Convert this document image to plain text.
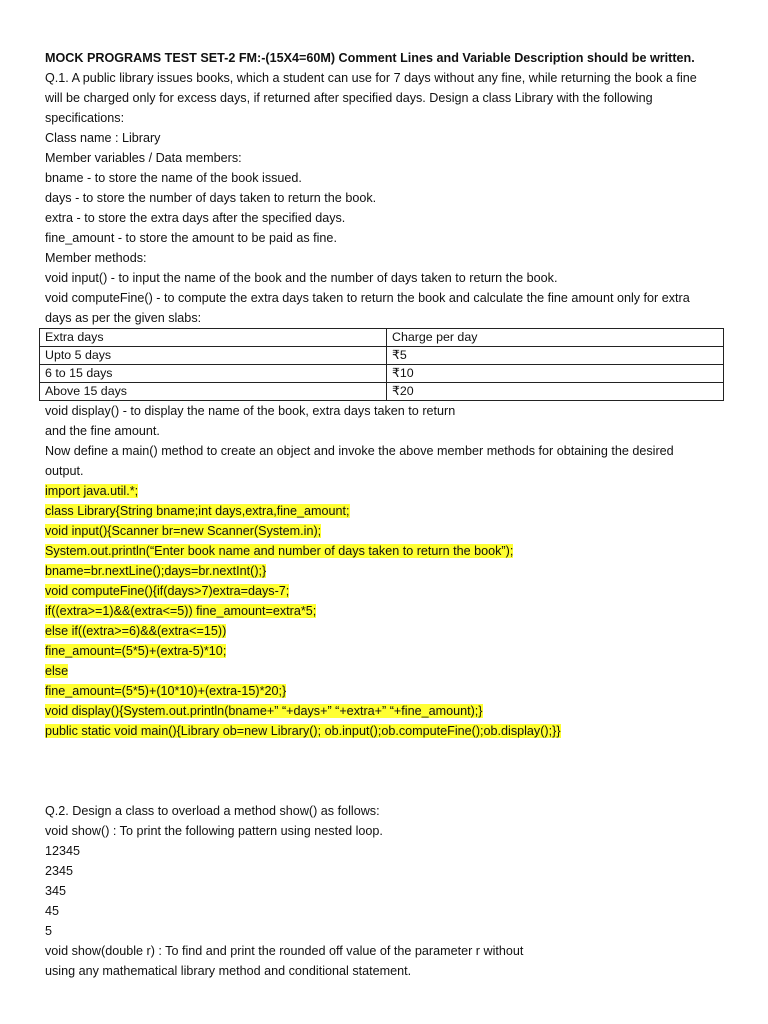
MOCK PROGRAMS TEST SET-2 FM:-(15X4=60M) Comment Lines and Variable Description should be written.
Q.1. A public library issues books, which a student can use for 7 days without any fine, while returning the book a fine
will be charged only for excess days, if returned after specified days. Design a class Library with the following
specifications:
Class name : Library
Member variables / Data members:
bname - to store the name of the book issued.
days - to store the number of days taken to return the book.
extra - to store the extra days after the specified days.
fine_amount - to store the amount to be paid as fine.
Member methods:
void input() - to input the name of the book and the number of days taken to return the book.
void computeFine() - to compute the extra days taken to return the book and calculate the fine amount only for extra
days as per the given slabs:
Extra days	Charge per day
Upto 5 days	₹5
6 to 15 days	₹10
Above 15 days	₹20
void display() - to display the name of the book, extra days taken to return
and the fine amount.
Now define a main() method to create an object and invoke the above member methods for obtaining the desired
output.
import java.util.*;
class Library{String bname;int days,extra,fine_amount;
void input(){Scanner br=new Scanner(System.in);
System.out.println(“Enter book name and number of days taken to return the book”);
bname=br.nextLine();days=br.nextInt();}
void computeFine(){if(days>7)extra=days-7;
if((extra>=1)&&(extra<=5)) fine_amount=extra*5;
else if((extra>=6)&&(extra<=15))
fine_amount=(5*5)+(extra-5)*10;
else
fine_amount=(5*5)+(10*10)+(extra-15)*20;}
void display(){System.out.println(bname+” “+days+” “+extra+” “+fine_amount);}
public static void main(){Library ob=new Library(); ob.input();ob.computeFine();ob.display();}}
Q.2. Design a class to overload a method show() as follows:
void show() : To print the following pattern using nested loop.
12345
2345
345
45
5
void show(double r) : To find and print the rounded off value of the parameter r without
using any mathematical library method and conditional statement.
